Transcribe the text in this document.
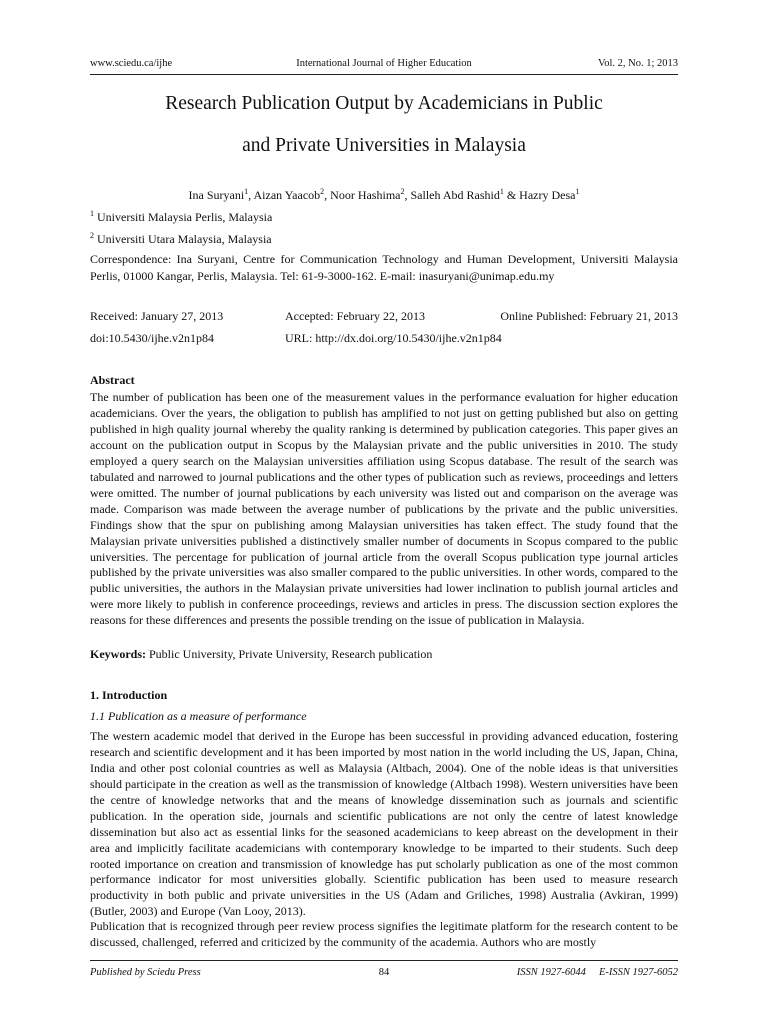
www.sciedu.ca/ijhe	International Journal of Higher Education	Vol. 2, No. 1; 2013
Research Publication Output by Academicians in Public
and Private Universities in Malaysia
Ina Suryani$^1$, Aizan Yaacob$^2$, Noor Hashima$^2$, Salleh Abd Rashid$^1$ & Hazry Desa$^1$
$^1$ Universiti Malaysia Perlis, Malaysia
$^2$ Universiti Utara Malaysia, Malaysia
Correspondence: Ina Suryani, Centre for Communication Technology and Human Development, Universiti Malaysia Perlis, 01000 Kangar, Perlis, Malaysia. Tel: 61-9-3000-162. E-mail: inasuryani@unimap.edu.my
Received: January 27, 2013	Accepted: February 22, 2013	Online Published: February 21, 2013
doi:10.5430/ijhe.v2n1p84	URL: http://dx.doi.org/10.5430/ijhe.v2n1p84
Abstract

The number of publication has been one of the measurement values in the performance evaluation for higher education academicians. Over the years, the obligation to publish has amplified to not just on getting published but also on getting published in high quality journal whereby the quality ranking is determined by publication categories. This paper gives an account on the publication output in Scopus by the Malaysian private and the public universities in 2010. The study employed a query search on the Malaysian universities affiliation using Scopus database. The result of the search was tabulated and narrowed to journal publications and the other types of publication such as reviews, proceedings and letters were omitted. The number of journal publications by each university was listed out and comparison on the average was made. Comparison was made between the average number of publications by the private and the public universities. Findings show that the spur on publishing among Malaysian universities has taken effect. The study found that the Malaysian private universities published a distinctively smaller number of documents in Scopus compared to the public universities. The percentage for publication of journal article from the overall Scopus publication type journal articles published by the private universities was also smaller compared to the public universities. In other words, compared to the public universities, the authors in the Malaysian private universities had lower inclination to publish journal articles and were more likely to publish in conference proceedings, reviews and articles in press. The discussion section explores the reasons for these differences and presents the possible trending on the issue of publication in Malaysia.

Keywords: Public University, Private University, Research publication
1. Introduction
1.1 Publication as a measure of performance

The western academic model that derived in the Europe has been successful in providing advanced education, fostering research and scientific development and it has been imported by most nation in the world including the US, Japan, China, India and other post colonial countries as well as Malaysia (Altbach, 2004). One of the noble ideas is that universities should participate in the creation as well as the transmission of knowledge (Altbach 1998). Western universities have been the centre of knowledge networks that and the means of knowledge dissemination such as journals and scientific publication. In the operation side, journals and scientific publications are not only the centre of latest knowledge dissemination but also act as essential links for the seasoned academicians to keep abreast on the development in their area and implicitly facilitate academicians with contemporary knowledge to be imparted to their students. Such deep rooted importance on creation and transmission of knowledge has put scholarly publication as one of the most common performance indicator for most universities globally. Scientific publication has been used to measure research productivity in both public and private universities in the US (Adam and Griliches, 1998) Australia (Avkiran, 1999) (Butler, 2003) and Europe (Van Looy, 2013).

Publication that is recognized through peer review process signifies the legitimate platform for the research content to be discussed, challenged, referred and criticized by the community of the academia. Authors who are mostly

Published by Sciedu Press	84	ISSN 1927-6044     E-ISSN 1927-6052
